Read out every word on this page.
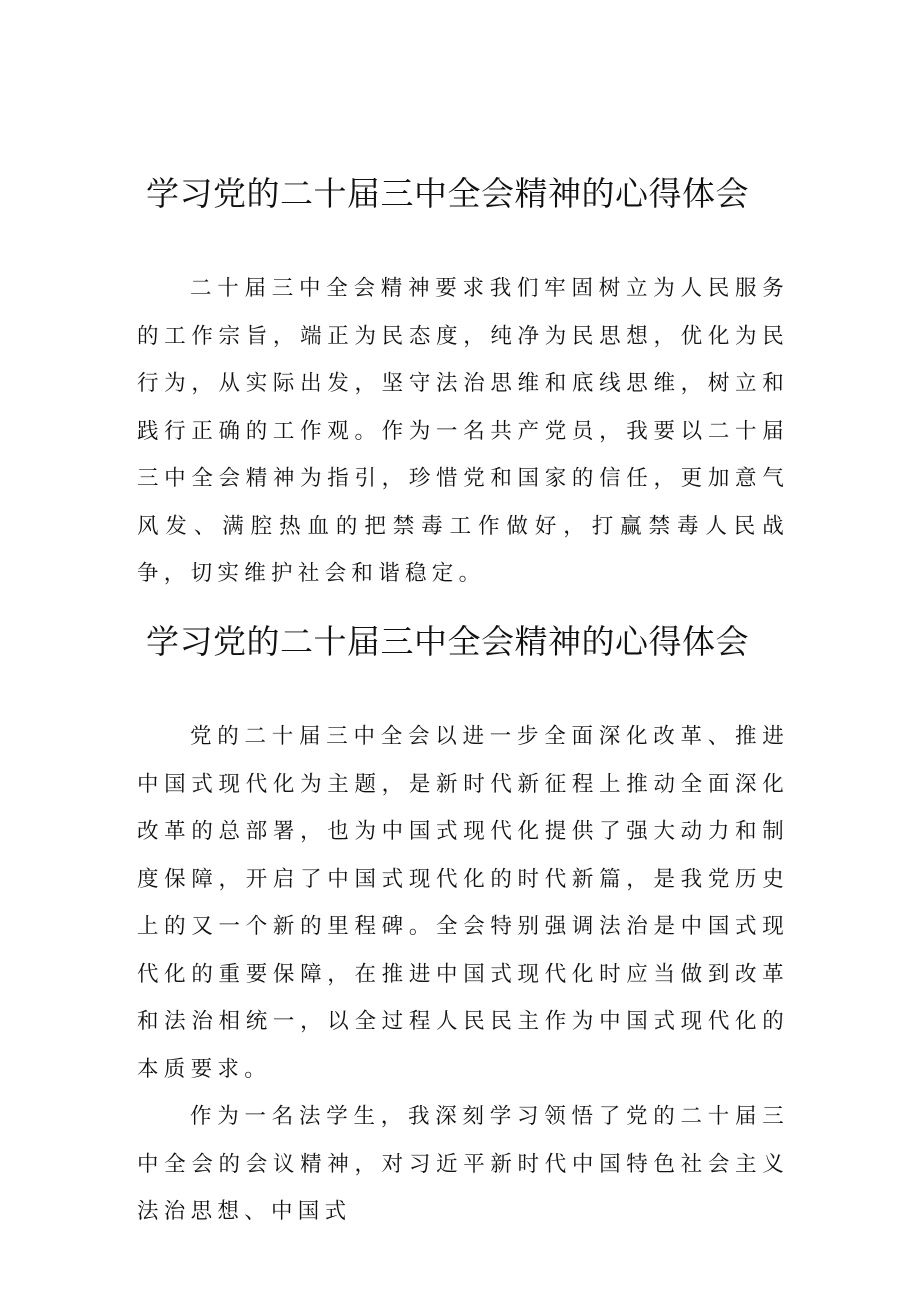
学习党的二十届三中全会精神的心得体会

二十届三中全会精神要求我们牢固树立为人民服务的工作宗旨，端正为民态度，纯净为民思想，优化为民行为，从实际出发，坚守法治思维和底线思维，树立和践行正确的工作观。作为一名共产党员，我要以二十届三中全会精神为指引，珍惜党和国家的信任，更加意气风发、满腔热血的把禁毒工作做好，打赢禁毒人民战争，切实维护社会和谐稳定。

学习党的二十届三中全会精神的心得体会

党的二十届三中全会以进一步全面深化改革、推进中国式现代化为主题，是新时代新征程上推动全面深化改革的总部署，也为中国式现代化提供了强大动力和制度保障，开启了中国式现代化的时代新篇，是我党历史上的又一个新的里程碑。全会特别强调法治是中国式现代化的重要保障，在推进中国式现代化时应当做到改革和法治相统一，以全过程人民民主作为中国式现代化的本质要求。

作为一名法学生，我深刻学习领悟了党的二十届三中全会的会议精神，对习近平新时代中国特色社会主义法治思想、中国式
